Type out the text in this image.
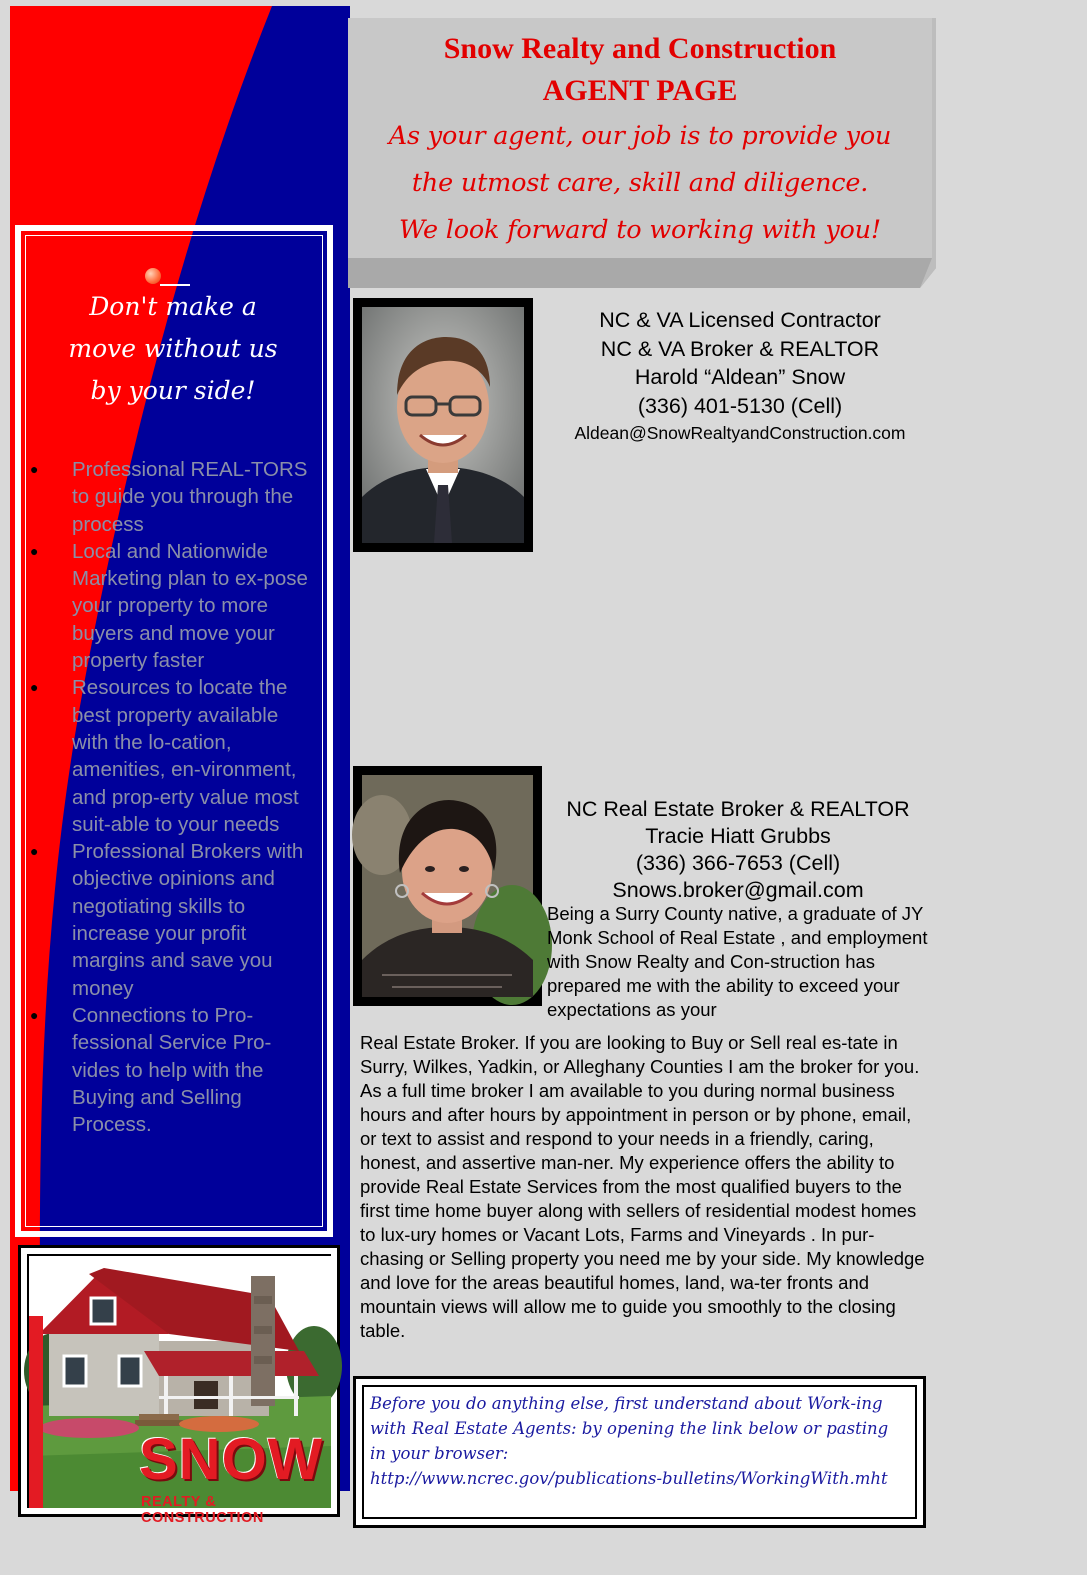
Don't make a
move without us
by your side!
● Professional REAL-TORS to guide you through the process
● Local and Nationwide Marketing plan to ex-pose your property to more buyers and move your property faster
● Resources to locate the best property available with the lo-cation, amenities, en-vironment, and prop-erty value most suit-able to your needs
● Professional Brokers with objective opinions and negotiating skills to increase your profit margins and save you money
● Connections to Pro-fessional Service Pro-vides to help with the Buying and Selling Process.
SNOW
REALTY & CONSTRUCTION
Snow Realty and Construction
AGENT PAGE
As your agent, our job is to provide you
the utmost care, skill and diligence.
We look forward to working with you!
NC & VA Licensed Contractor
NC & VA Broker & REALTOR
Harold “Aldean” Snow
(336) 401-5130 (Cell)
Aldean@SnowRealtyandConstruction.com
NC Real Estate Broker & REALTOR
Tracie Hiatt Grubbs
(336) 366-7653 (Cell)
Snows.broker@gmail.com
Being a Surry County native, a graduate of JY Monk School of Real Estate , and employment with Snow Realty and Con-struction has prepared me with the ability to exceed your expectations as your
Real Estate Broker. If you are looking to Buy or Sell real es-tate in Surry, Wilkes, Yadkin, or Alleghany Counties I am the broker for you. As a full time broker I am available to you during normal business hours and after hours by appointment in person or by phone, email, or text to assist and respond to your needs in a friendly, caring, honest, and assertive man-ner. My experience offers the ability to provide Real Estate Services from the most qualified buyers to the first time home buyer along with sellers of residential modest homes to lux-ury homes or Vacant Lots, Farms and Vineyards . In pur-chasing or Selling property you need me by your side. My knowledge and love for the areas beautiful homes, land, wa-ter fronts and mountain views will allow me to guide you smoothly to the closing table.
Before you do anything else, first understand about Work-ing with Real Estate Agents: by opening the link below or pasting in your browser:
http://www.ncrec.gov/publications-bulletins/WorkingWith.mht
